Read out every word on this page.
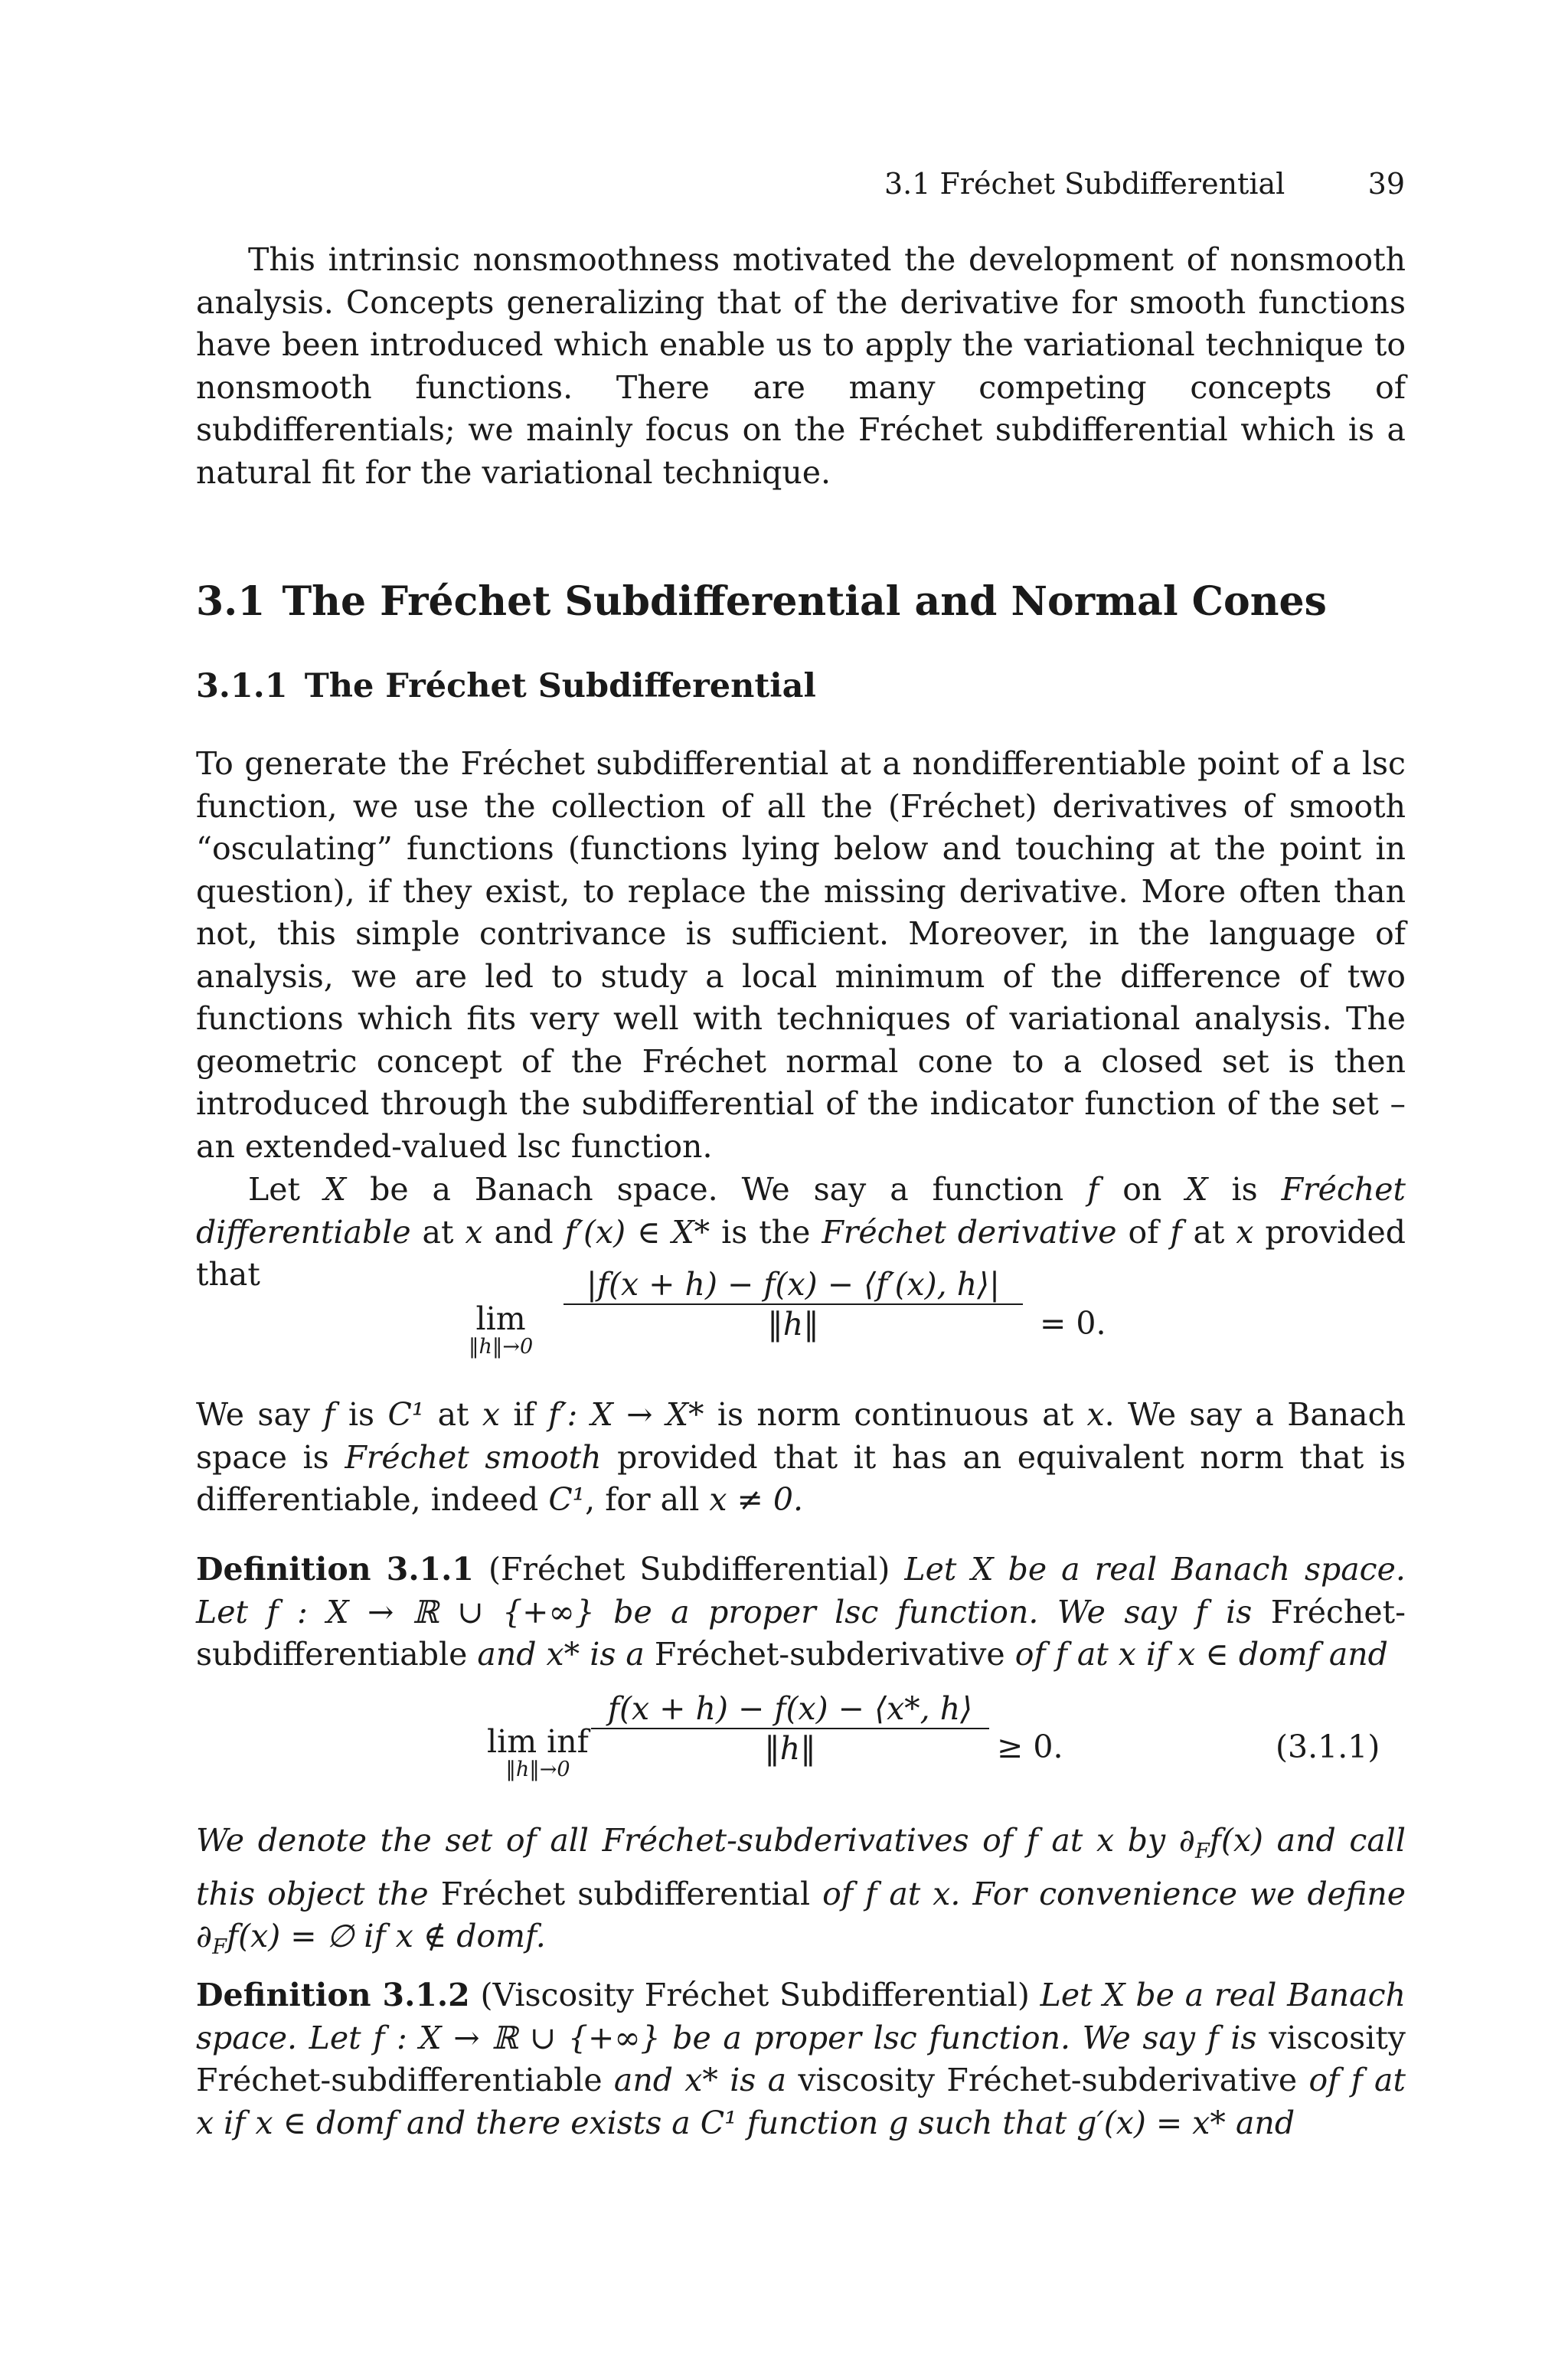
3.1 Fréchet Subdifferential	39

This intrinsic nonsmoothness motivated the development of nonsmooth analysis. Concepts generalizing that of the derivative for smooth functions have been introduced which enable us to apply the variational technique to nonsmooth functions. There are many competing concepts of subdifferentials; we mainly focus on the Fréchet subdifferential which is a natural fit for the variational technique.

3.1 The Fréchet Subdifferential and Normal Cones
3.1.1 The Fréchet Subdifferential

To generate the Fréchet subdifferential at a nondifferentiable point of a lsc function, we use the collection of all the (Fréchet) derivatives of smooth “osculating” functions (functions lying below and touching at the point in question), if they exist, to replace the missing derivative. More often than not, this simple contrivance is sufficient. Moreover, in the language of analysis, we are led to study a local minimum of the difference of two functions which fits very well with techniques of variational analysis. The geometric concept of the Fréchet normal cone to a closed set is then introduced through the subdifferential of the indicator function of the set – an extended-valued lsc function.

Let X be a Banach space. We say a function f on X is Fréchet differentiable at x and f′(x) ∈ X* is the Fréchet derivative of f at x provided that

lim
‖h‖→0
|f(x + h) − f(x) − ⟨f′(x), h⟩|
‖h‖	= 0.

We say f is C¹ at x if f′: X → X* is norm continuous at x. We say a Banach space is Fréchet smooth provided that it has an equivalent norm that is differentiable, indeed C¹, for all x ≠ 0.

Definition 3.1.1 (Fréchet Subdifferential) Let X be a real Banach space. Let f : X → ℝ ∪ {+∞} be a proper lsc function. We say f is Fréchet-subdifferentiable and x* is a Fréchet-subderivative of f at x if x ∈ domf and

lim inf
‖h‖→0
f(x + h) − f(x) − ⟨x*, h⟩
‖h‖	≥ 0.	(3.1.1)

We denote the set of all Fréchet-subderivatives of f at x by $\partial_Ff(x)$ and call this object the Fréchet subdifferential of f at x. For convenience we define $\partial_Ff(x)$ = ∅ if x ∉ domf.

Definition 3.1.2 (Viscosity Fréchet Subdifferential) Let X be a real Banach space. Let f : X → ℝ ∪ {+∞} be a proper lsc function. We say f is viscosity Fréchet-subdifferentiable and x* is a viscosity Fréchet-subderivative of f at x if x ∈ domf and there exists a C¹ function g such that g′(x) = x* and
